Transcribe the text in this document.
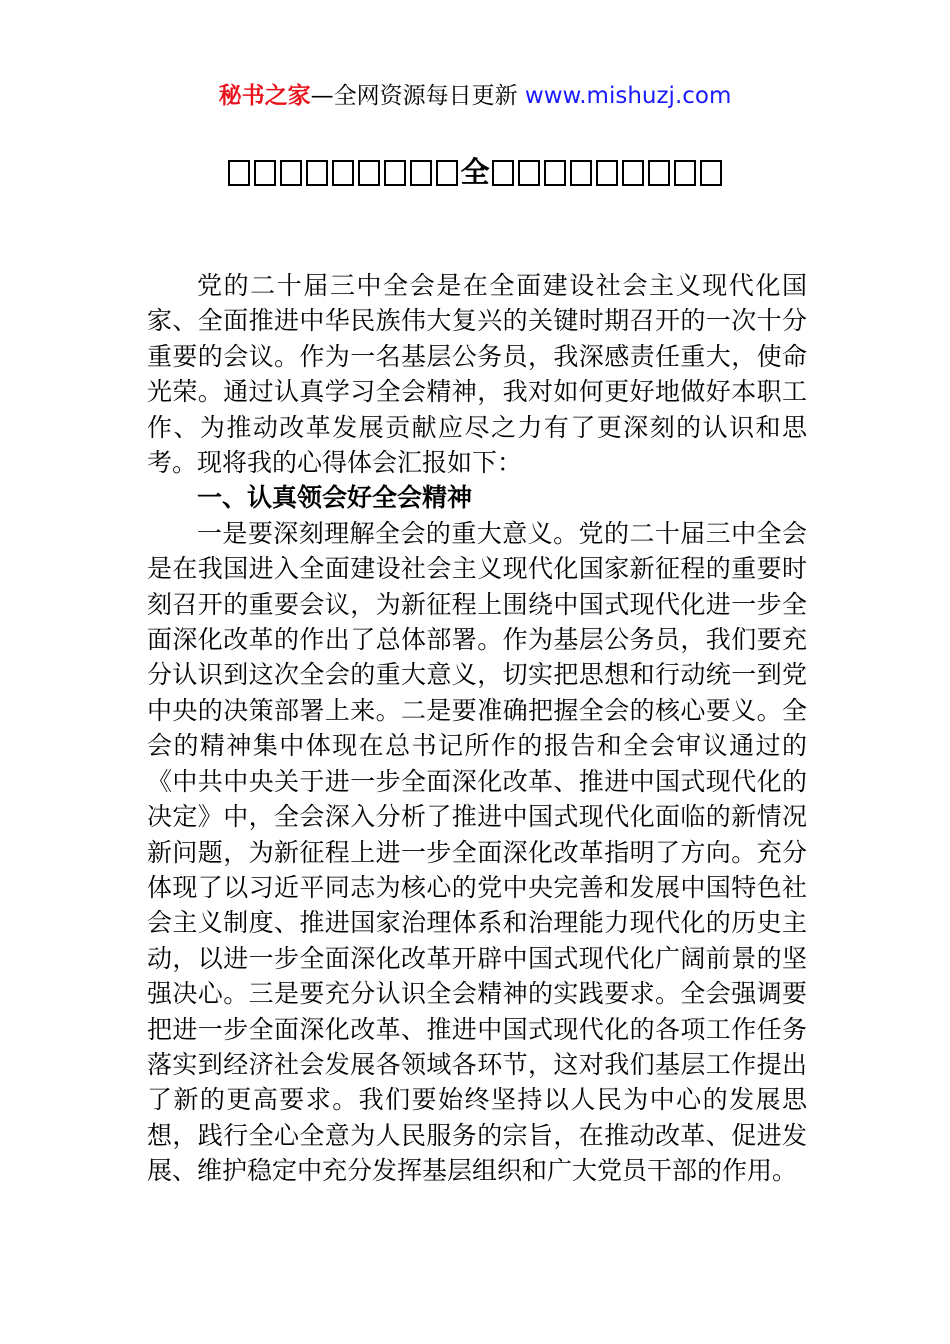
秘书之家—全网资源每日更新 www.mishuzj.com
全

党的二十届三中全会是在全面建设社会主义现代化国家、全面推进中华民族伟大复兴的关键时期召开的一次十分重要的会议。作为一名基层公务员，我深感责任重大，使命光荣。通过认真学习全会精神，我对如何更好地做好本职工作、为推动改革发展贡献应尽之力有了更深刻的认识和思考。现将我的心得体会汇报如下：

一、认真领会好全会精神

一是要深刻理解全会的重大意义。党的二十届三中全会是在我国进入全面建设社会主义现代化国家新征程的重要时刻召开的重要会议，为新征程上围绕中国式现代化进一步全面深化改革的作出了总体部署。作为基层公务员，我们要充分认识到这次全会的重大意义，切实把思想和行动统一到党中央的决策部署上来。二是要准确把握全会的核心要义。全会的精神集中体现在总书记所作的报告和全会审议通过的《中共中央关于进一步全面深化改革、推进中国式现代化的决定》中，全会深入分析了推进中国式现代化面临的新情况新问题，为新征程上进一步全面深化改革指明了方向。充分体现了以习近平同志为核心的党中央完善和发展中国特色社会主义制度、推进国家治理体系和治理能力现代化的历史主动，以进一步全面深化改革开辟中国式现代化广阔前景的坚强决心。三是要充分认识全会精神的实践要求。全会强调要把进一步全面深化改革、推进中国式现代化的各项工作任务落实到经济社会发展各领域各环节，这对我们基层工作提出了新的更高要求。我们要始终坚持以人民为中心的发展思想，践行全心全意为人民服务的宗旨，在推动改革、促进发展、维护稳定中充分发挥基层组织和广大党员干部的作用。
